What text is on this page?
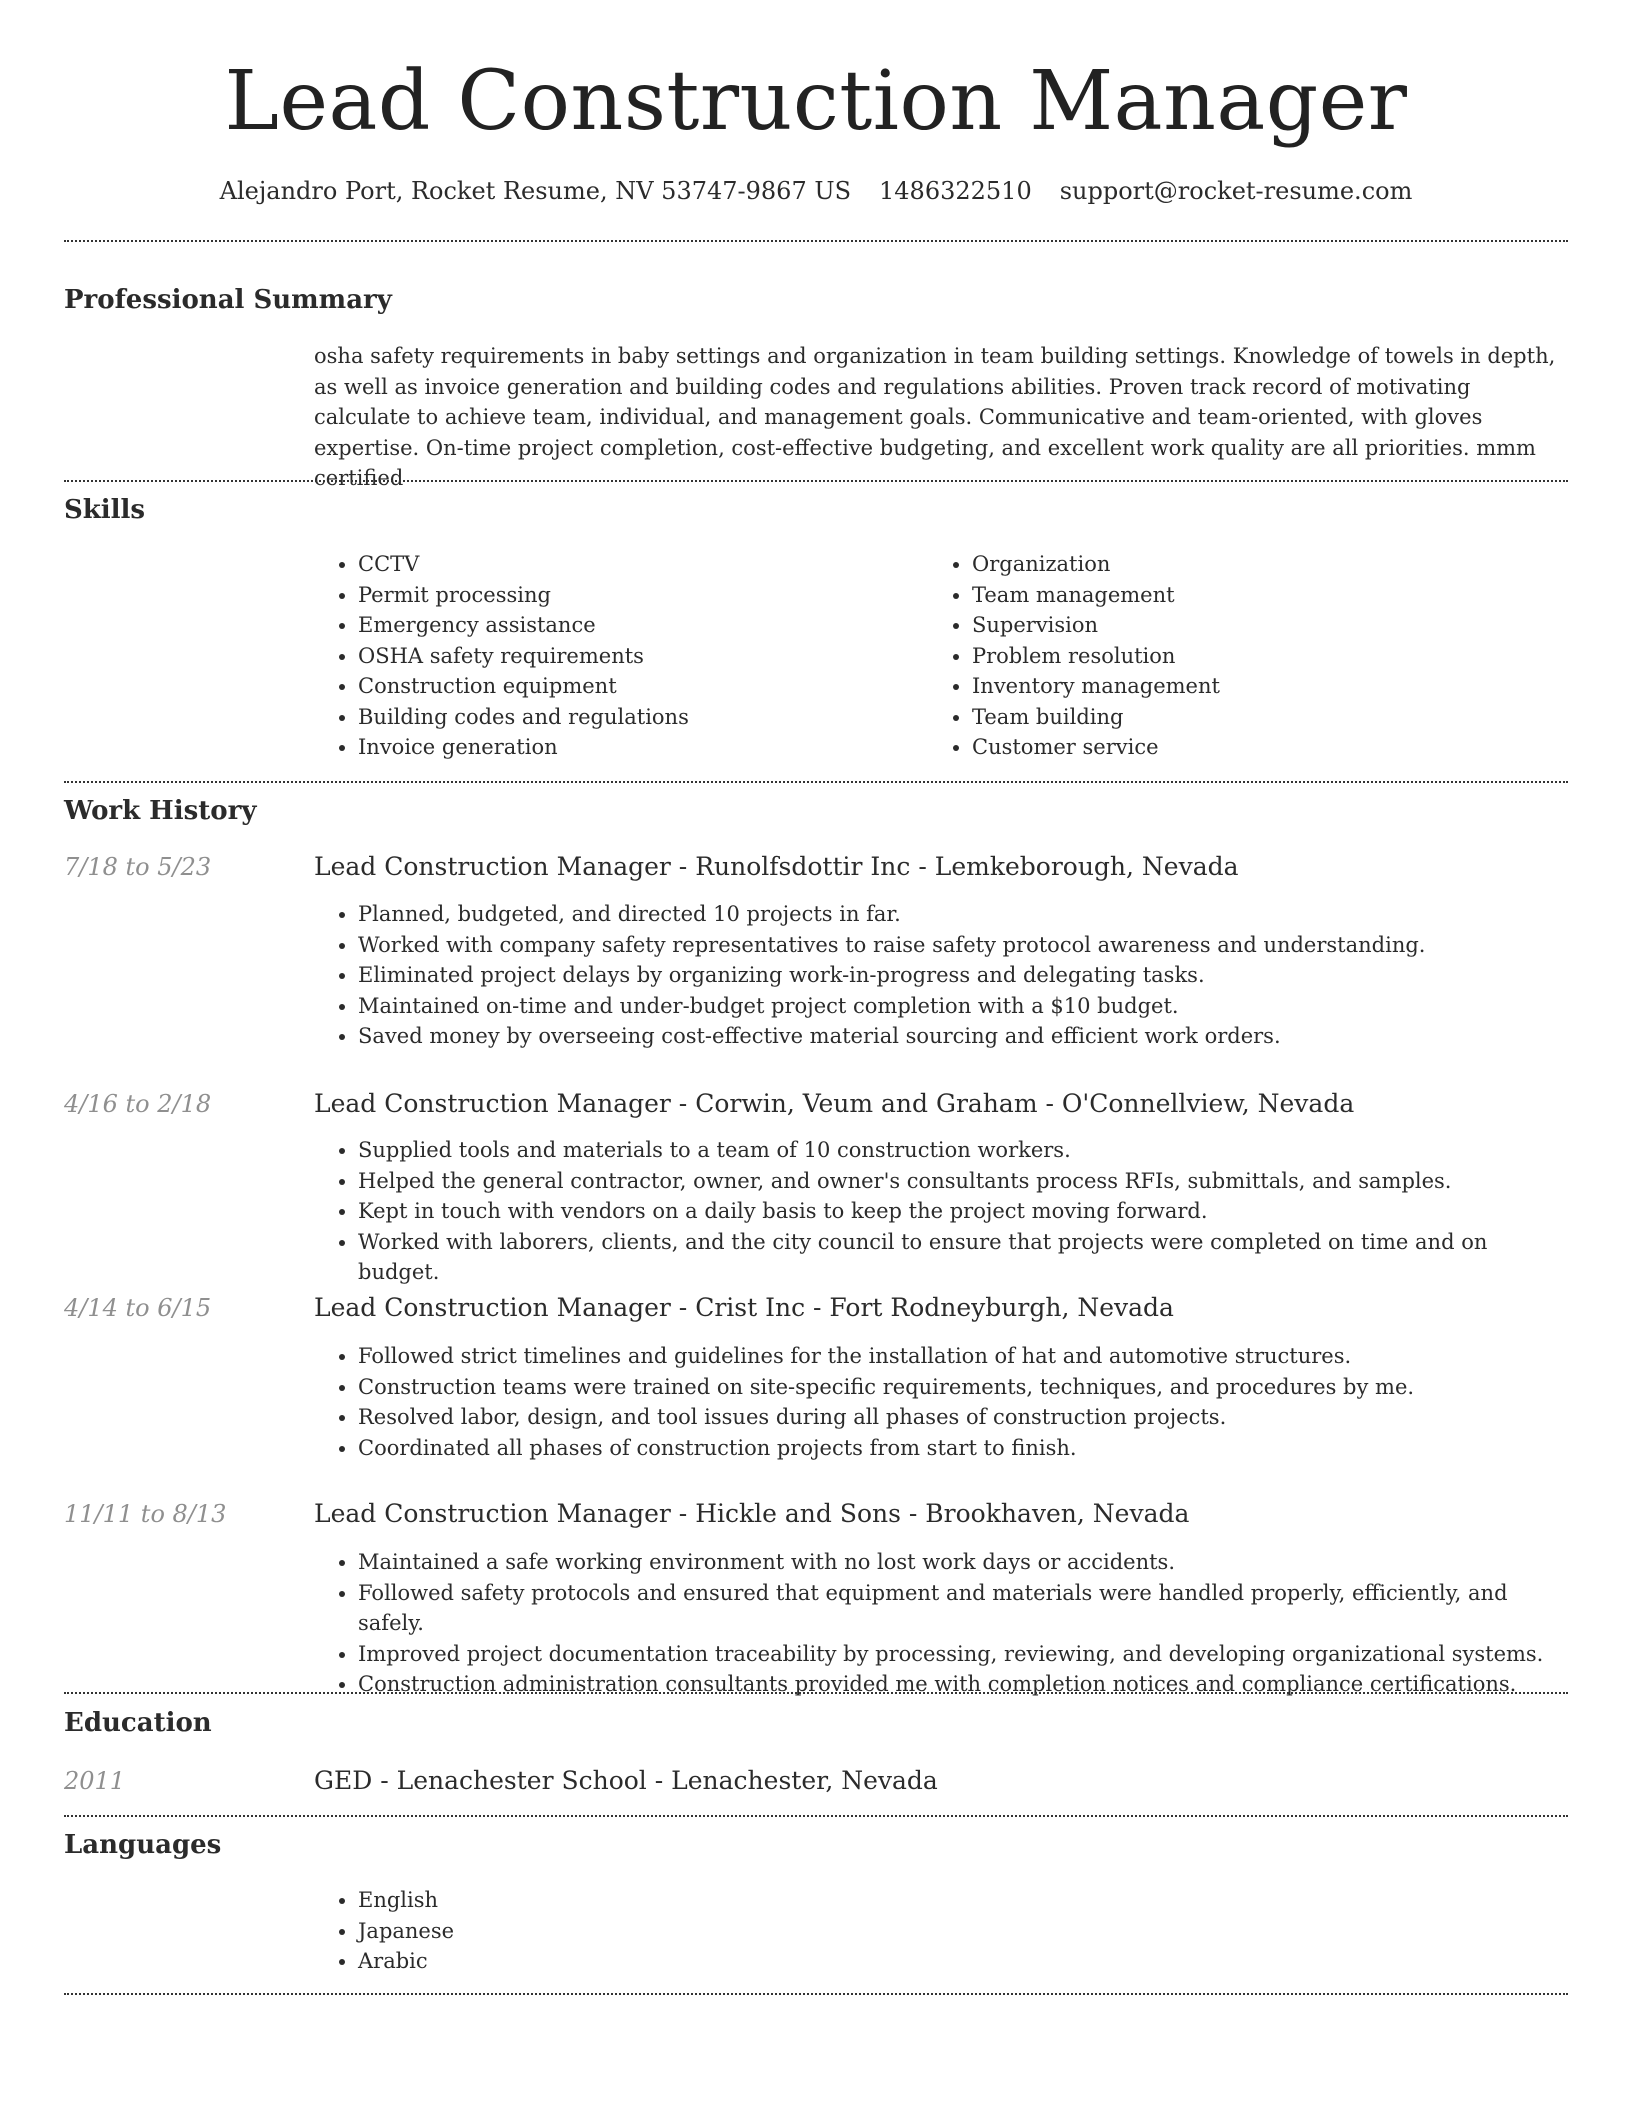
Lead Construction Manager
Alejandro Port, Rocket Resume, NV 53747-9867 US 1486322510 support@rocket-resume.com
Professional Summary
osha safety requirements in baby settings and organization in team building settings. Knowledge of towels in depth, as well as invoice generation and building codes and regulations abilities. Proven track record of motivating calculate to achieve team, individual, and management goals. Communicative and team-oriented, with gloves expertise. On-time project completion, cost-effective budgeting, and excellent work quality are all priorities. mmm certified
Skills
• CCTV
• Permit processing
• Emergency assistance
• OSHA safety requirements
• Construction equipment
• Building codes and regulations
• Invoice generation
• Organization
• Team management
• Supervision
• Problem resolution
• Inventory management
• Team building
• Customer service
Work History
7/18 to 5/23	Lead Construction Manager - Runolfsdottir Inc - Lemkeborough, Nevada
• Planned, budgeted, and directed 10 projects in far.
• Worked with company safety representatives to raise safety protocol awareness and understanding.
• Eliminated project delays by organizing work-in-progress and delegating tasks.
• Maintained on-time and under-budget project completion with a $10 budget.
• Saved money by overseeing cost-effective material sourcing and efficient work orders.
4/16 to 2/18	Lead Construction Manager - Corwin, Veum and Graham - O'Connellview, Nevada
• Supplied tools and materials to a team of 10 construction workers.
• Helped the general contractor, owner, and owner's consultants process RFIs, submittals, and samples.
• Kept in touch with vendors on a daily basis to keep the project moving forward.
• Worked with laborers, clients, and the city council to ensure that projects were completed on time and on budget.
4/14 to 6/15	Lead Construction Manager - Crist Inc - Fort Rodneyburgh, Nevada
• Followed strict timelines and guidelines for the installation of hat and automotive structures.
• Construction teams were trained on site-specific requirements, techniques, and procedures by me.
• Resolved labor, design, and tool issues during all phases of construction projects.
• Coordinated all phases of construction projects from start to finish.
11/11 to 8/13	Lead Construction Manager - Hickle and Sons - Brookhaven, Nevada
• Maintained a safe working environment with no lost work days or accidents.
• Followed safety protocols and ensured that equipment and materials were handled properly, efficiently, and safely.
• Improved project documentation traceability by processing, reviewing, and developing organizational systems.
• Construction administration consultants provided me with completion notices and compliance certifications.
Education
2011	GED - Lenachester School - Lenachester, Nevada
Languages
• English
• Japanese
• Arabic
